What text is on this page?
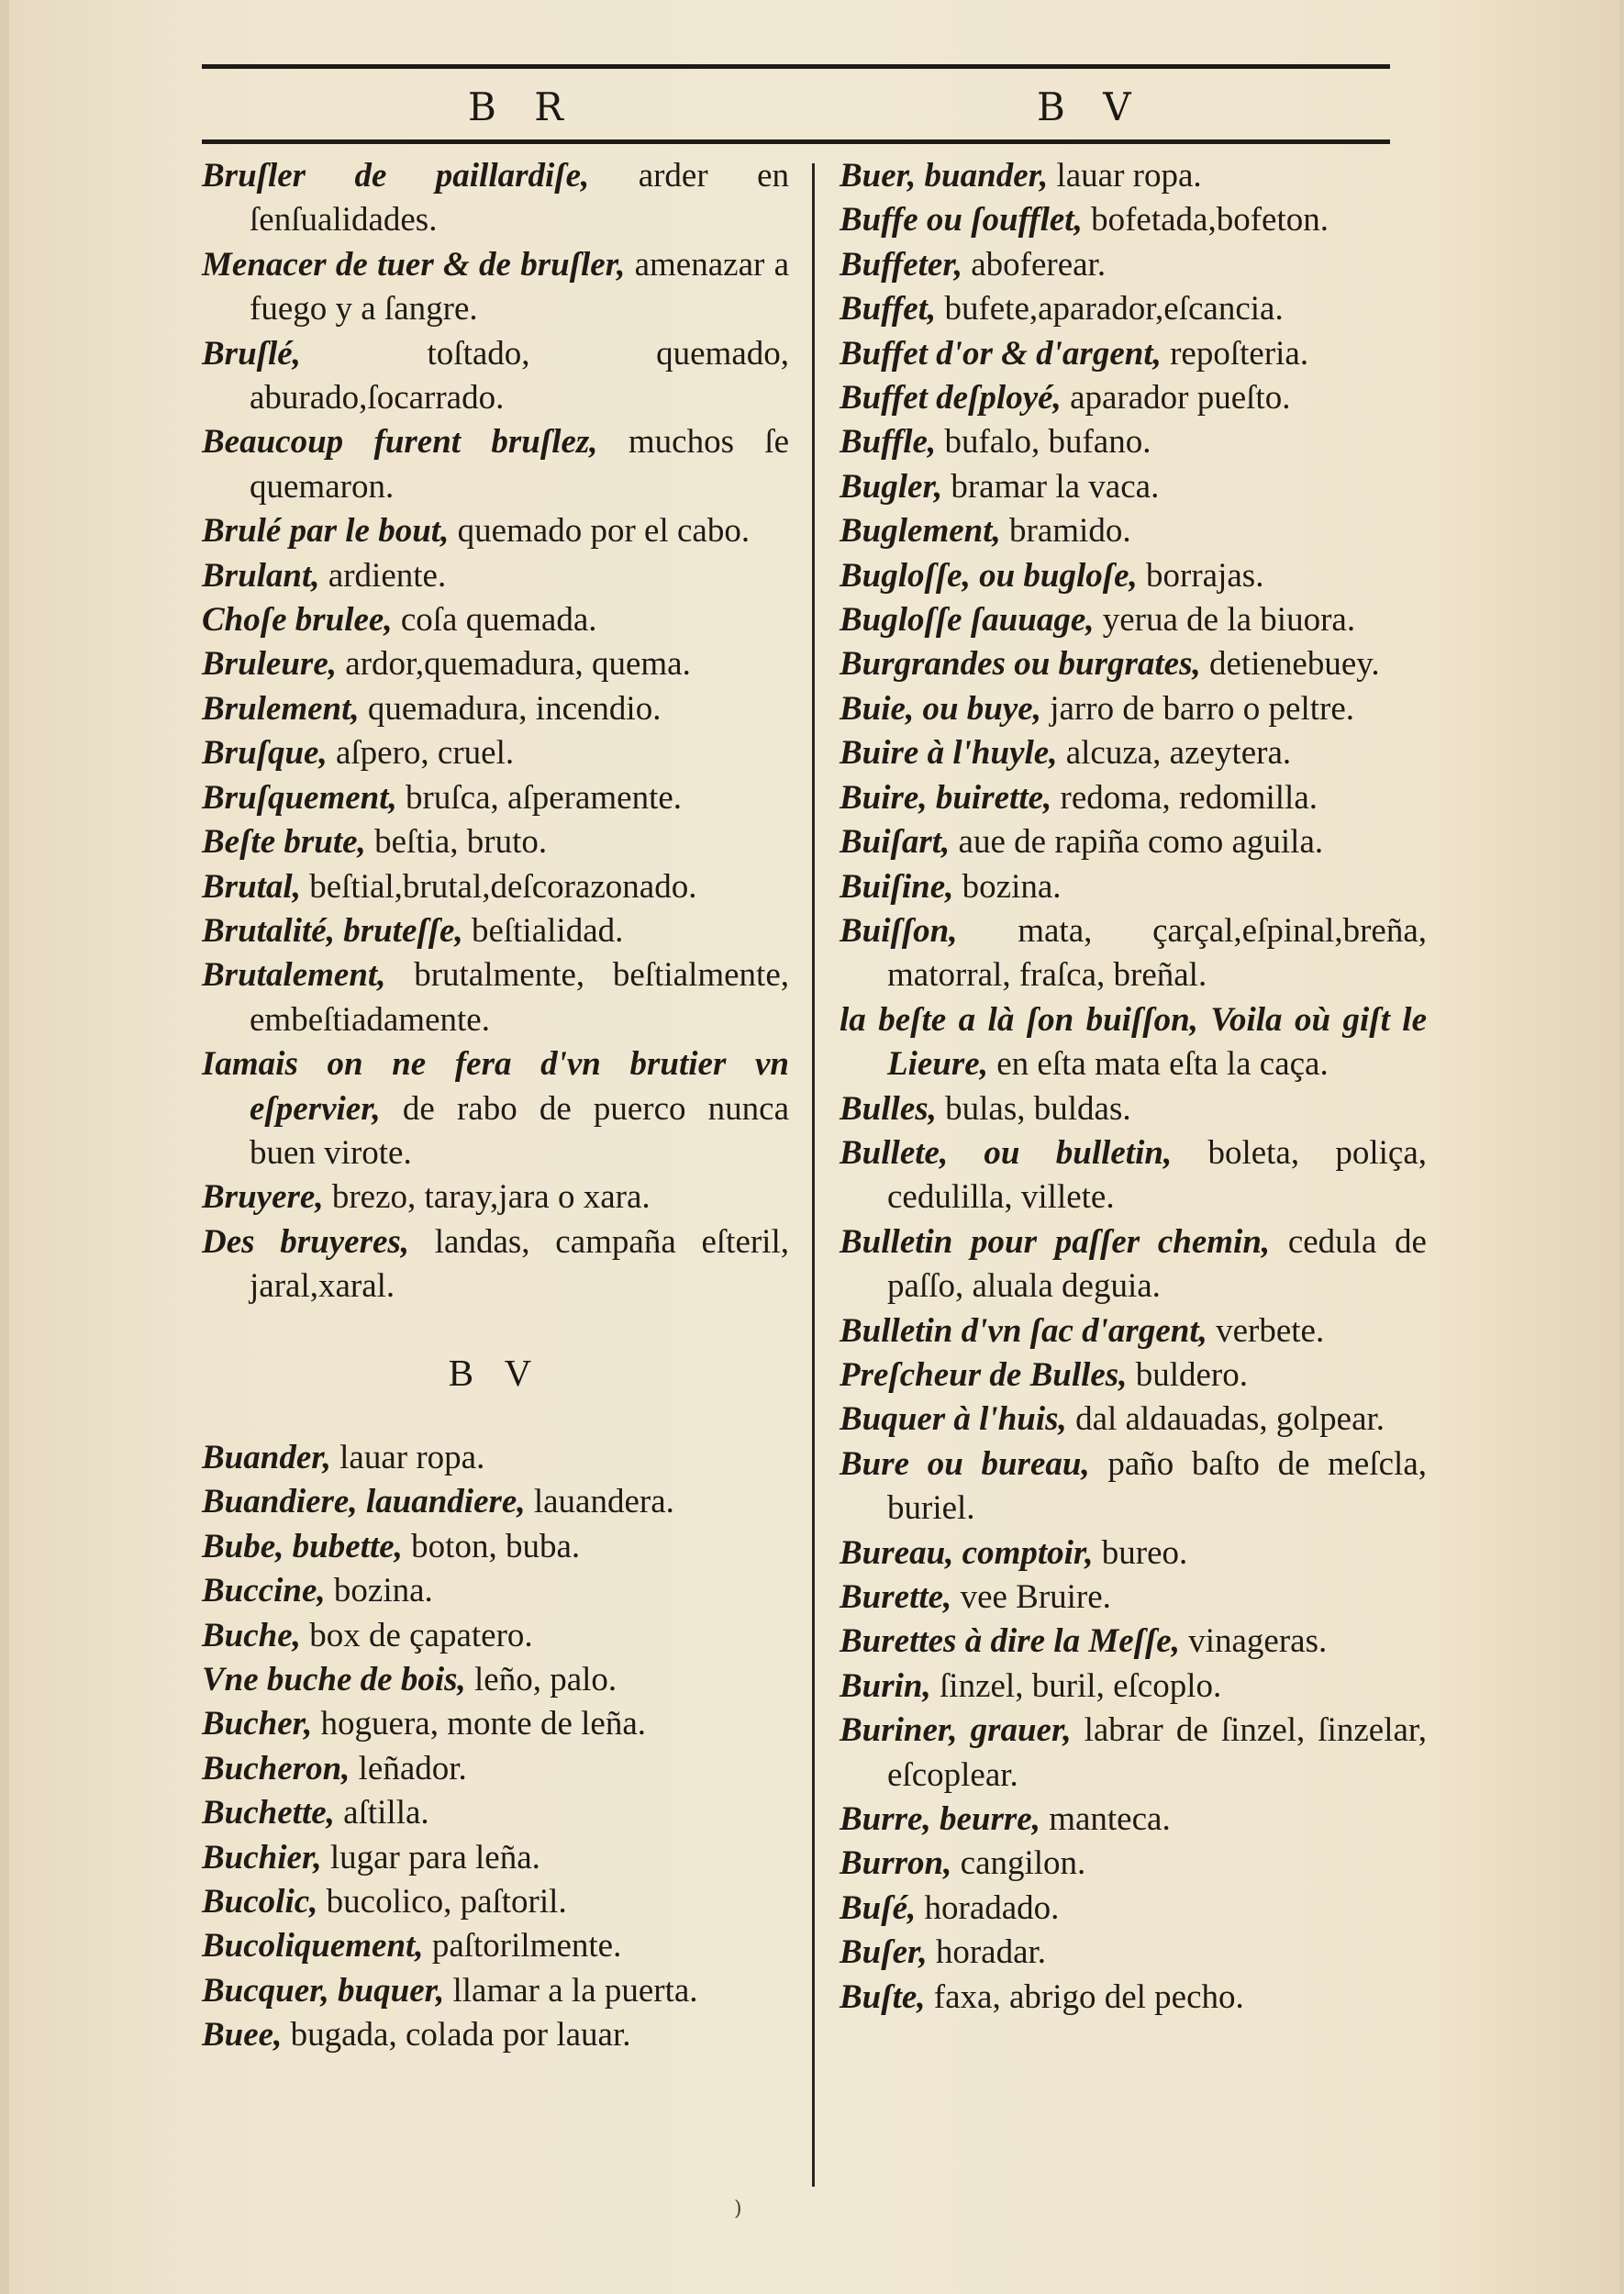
B R	B V

Bruſler de paillardiſe, arder en ſenſualidades.

Menacer de tuer & de bruſler, amenazar a fuego y a ſangre.

Bruſlé, toſtado, quemado, aburado,ſocarrado.

Beaucoup furent bruſlez, muchos ſe quemaron.

Brulé par le bout, quemado por el cabo.

Brulant, ardiente.

Choſe brulee, coſa quemada.

Bruleure, ardor,quemadura, quema.

Brulement, quemadura, incendio.

Bruſque, aſpero, cruel.

Bruſquement, bruſca, aſperamente.

Beſte brute, beſtia, bruto.

Brutal, beſtial,brutal,deſcorazonado.

Brutalité, bruteſſe, beſtialidad.

Brutalement, brutalmente, beſtialmente, embeſtiadamente.

Iamais on ne fera d'vn brutier vn eſpervier, de rabo de puerco nunca buen virote.

Bruyere, brezo, taray,jara o xara.

Des bruyeres, landas, campaña eſteril, jaral,xaral.

B V

Buander, lauar ropa.

Buandiere, lauandiere, lauandera.

Bube, bubette, boton, buba.

Buccine, bozina.

Buche, box de çapatero.

Vne buche de bois, leño, palo.

Bucher, hoguera, monte de leña.

Bucheron, leñador.

Buchette, aſtilla.

Buchier, lugar para leña.

Bucolic, bucolico, paſtoril.

Bucoliquement, paſtorilmente.

Bucquer, buquer, llamar a la puerta.

Buee, bugada, colada por lauar.

Buer, buander, lauar ropa.

Buffe ou ſoufflet, bofetada,bofeton.

Buffeter, aboferear.

Buffet, bufete,aparador,eſcancia.

Buffet d'or & d'argent, repoſteria.

Buffet deſployé, aparador pueſto.

Buffle, bufalo, bufano.

Bugler, bramar la vaca.

Buglement, bramido.

Bugloſſe, ou bugloſe, borrajas.

Bugloſſe ſauuage, yerua de la biuora.

Burgrandes ou burgrates, detienebuey.

Buie, ou buye, jarro de barro o peltre.

Buire à l'huyle, alcuza, azeytera.

Buire, buirette, redoma, redomilla.

Buiſart, aue de rapiña como aguila.

Buiſine, bozina.

Buiſſon, mata, çarçal,eſpinal,breña, matorral, fraſca, breñal.

la beſte a là ſon buiſſon, Voila où giſt le Lieure, en eſta mata eſta la caça.

Bulles, bulas, buldas.

Bullete, ou bulletin, boleta, poliça, cedulilla, villete.

Bulletin pour paſſer chemin, cedula de paſſo, aluala deguia.

Bulletin d'vn ſac d'argent, verbete.

Preſcheur de Bulles, buldero.

Buquer à l'huis, dal aldauadas, golpear.

Bure ou bureau, paño baſto de meſcla, buriel.

Bureau, comptoir, bureo.

Burette, vee Bruire.

Burettes à dire la Meſſe, vinageras.

Burin, ſinzel, buril, eſcoplo.

Buriner, grauer, labrar de ſinzel, ſinzelar, eſcoplear.

Burre, beurre, manteca.

Burron, cangilon.

Buſé, horadado.

Buſer, horadar.

Buſte, faxa, abrigo del pecho.

)
